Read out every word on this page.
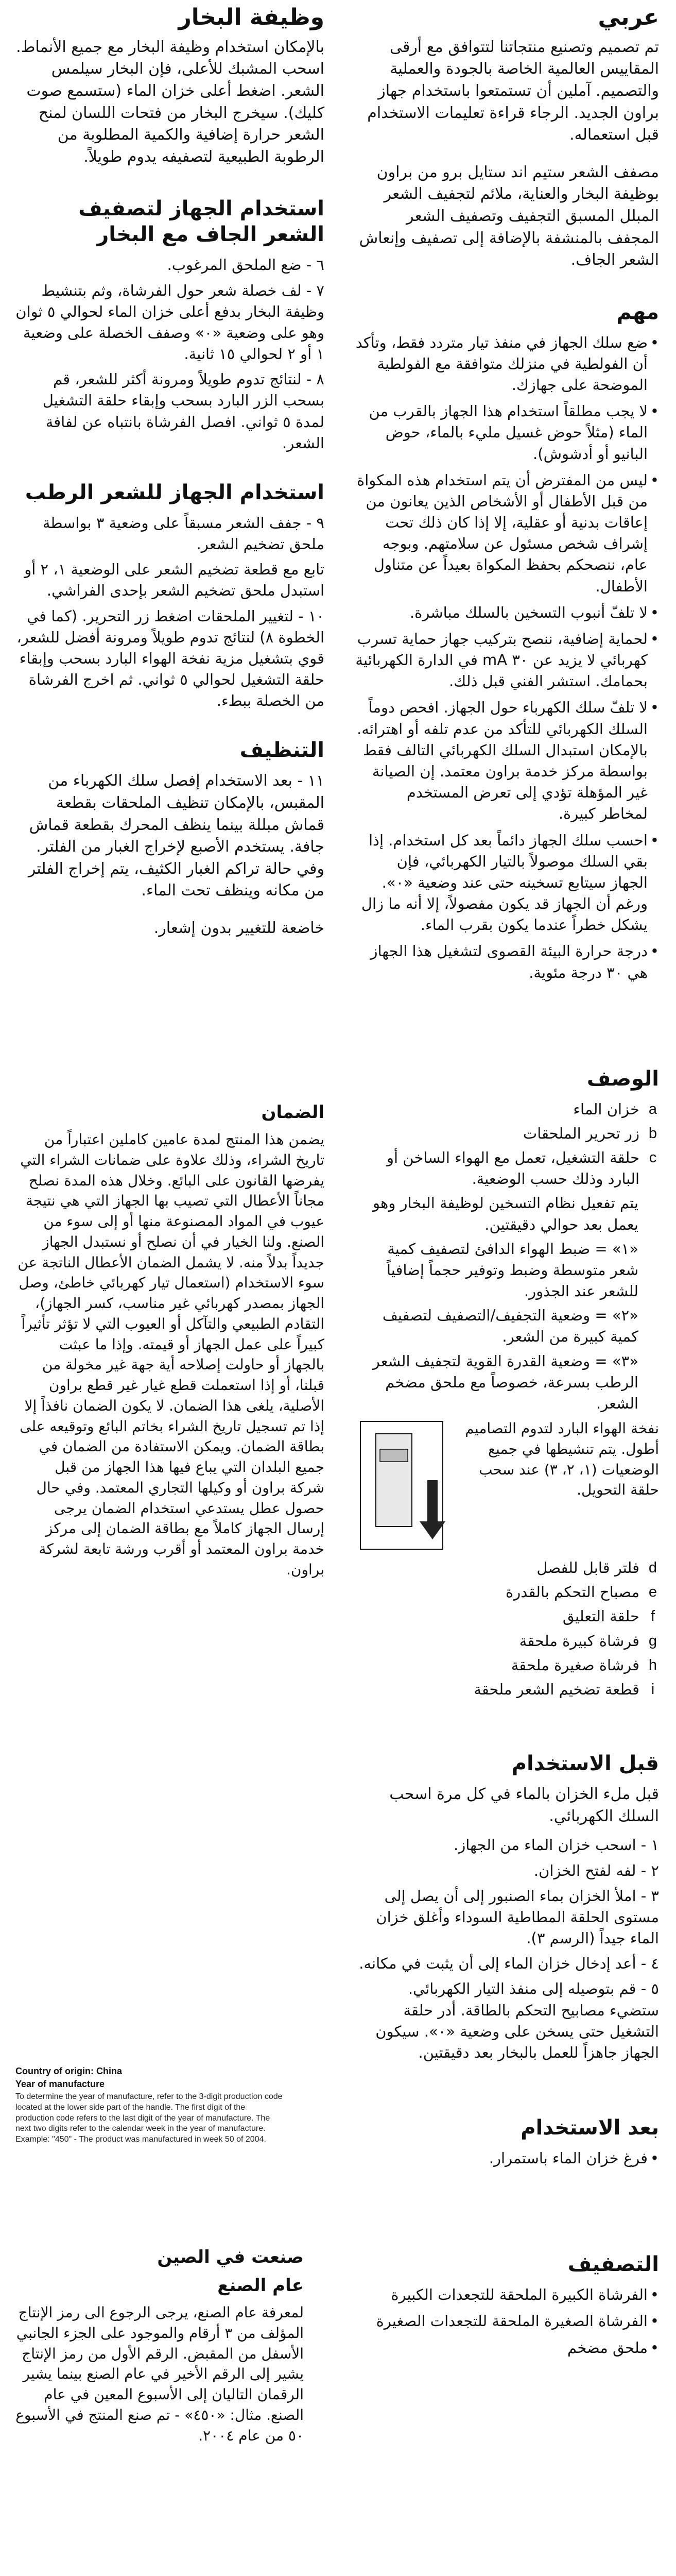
عربي

تم تصميم وتصنيع منتجاتنا لتتوافق مع أرقى المقاييس العالمية الخاصة بالجودة والعملية والتصميم. آملين أن تستمتعوا باستخدام جهاز براون الجديد. الرجاء قراءة تعليمات الاستخدام قبل استعماله.

مصفف الشعر ستيم اند ستايل برو من براون بوظيفة البخار والعناية، ملائم لتجفيف الشعر المبلل المسبق التجفيف وتصفيف الشعر المجفف بالمنشفة بالإضافة إلى تصفيف وإنعاش الشعر الجاف.

مهم
• ضع سلك الجهاز في منفذ تيار متردد فقط، وتأكد أن الفولطية في منزلك متوافقة مع الفولطية الموضحة على جهازك.
• لا يجب مطلقاً استخدام هذا الجهاز بالقرب من الماء (مثلاً حوض غسيل مليء بالماء، حوض البانيو أو أدشوش).
• ليس من المفترض أن يتم استخدام هذه المكواة من قبل الأطفال أو الأشخاص الذين يعانون من إعاقات بدنية أو عقلية، إلا إذا كان ذلك تحت إشراف شخص مسئول عن سلامتهم. وبوجه عام، ننصحكم بحفظ المكواة بعيداً عن متناول الأطفال.
• لا تلفّ أنبوب التسخين بالسلك مباشرة.
• لحماية إضافية، ننصح بتركيب جهاز حماية تسرب كهربائي لا يزيد عن ٣٠ mA في الدارة الكهربائية بحمامك. استشر الفني قبل ذلك.
• لا تلفّ سلك الكهرباء حول الجهاز. افحص دوماً السلك الكهربائي للتأكد من عدم تلفه أو اهترائه. بالإمكان استبدال السلك الكهربائي التالف فقط بواسطة مركز خدمة براون معتمد. إن الصيانة غير المؤهلة تؤدي إلى تعرض المستخدم لمخاطر كبيرة.
• احسب سلك الجهاز دائماً بعد كل استخدام. إذا بقي السلك موصولاً بالتيار الكهربائي، فإن الجهاز سيتابع تسخينه حتى عند وضعية «٠». ورغم أن الجهاز قد يكون مفصولاً، إلا أنه ما زال يشكل خطراً عندما يكون بقرب الماء.
• درجة حرارة البيئة القصوى لتشغيل هذا الجهاز هي ٣٠ درجة مئوية.
الوصف
a
خزان الماء
b
زر تحرير الملحقات
c
حلقة التشغيل، تعمل مع الهواء الساخن أو البارد وذلك حسب الوضعية.
يتم تفعيل نظام التسخين لوظيفة البخار وهو يعمل بعد حوالي دقيقتين.
«١» = ضبط الهواء الدافئ لتصفيف كمية شعر متوسطة وضبط وتوفير حجماً إضافياً للشعر عند الجذور.
«٢» = وضعية التجفيف/التصفيف لتصفيف كمية كبيرة من الشعر.
«٣» = وضعية القدرة القوية لتجفيف الشعر الرطب بسرعة، خصوصاً مع ملحق مضخم الشعر.
نفخة الهواء البارد لتدوم التصاميم أطول. يتم تنشيطها في جميع الوضعيات (١، ٢، ٣) عند سحب حلقة التحويل.
d
فلتر قابل للفصل
e
مصباح التحكم بالقدرة
f
حلقة التعليق
g
فرشاة كبيرة ملحقة
h
فرشاة صغيرة ملحقة
i
قطعة تضخيم الشعر ملحقة
قبل الاستخدام

قبل ملء الخزان بالماء في كل مرة اسحب السلك الكهربائي.

١ - اسحب خزان الماء من الجهاز.
٢ - لفه لفتح الخزان.
٣ - املأ الخزان بماء الصنبور إلى أن يصل إلى مستوى الحلقة المطاطية السوداء وأغلق خزان الماء جيداً (الرسم ٣).
٤ - أعد إدخال خزان الماء إلى أن يثبت في مكانه.
٥ - قم بتوصيله إلى منفذ التيار الكهربائي. ستضيء مصابيح التحكم بالطاقة. أدر حلقة التشغيل حتى يسخن على وضعية «٠». سيكون الجهاز جاهزاً للعمل بالبخار بعد دقيقتين.
بعد الاستخدام
• فرغ خزان الماء باستمرار.
التصفيف
• الفرشاة الكبيرة الملحقة للتجعدات الكبيرة
• الفرشاة الصغيرة الملحقة للتجعدات الصغيرة
• ملحق مضخم
وظيفة البخار

بالإمكان استخدام وظيفة البخار مع جميع الأنماط. اسحب المشبك للأعلى، فإن البخار سيلمس الشعر. اضغط أعلى خزان الماء (ستسمع صوت كليك). سيخرج البخار من فتحات اللسان لمنح الشعر حرارة إضافية والكمية المطلوبة من الرطوبة الطبيعية لتصفيفه يدوم طويلاً.

استخدام الجهاز لتصفيف الشعر الجاف مع البخار
٦ - ضع الملحق المرغوب.
٧ - لف خصلة شعر حول الفرشاة، وثم بتنشيط وظيفة البخار بدفع أعلى خزان الماء لحوالي ٥ ثوان وهو على وضعية «٠» وصفف الخصلة على وضعية ١ أو ٢ لحوالي ١٥ ثانية.
٨ - لنتائج تدوم طويلاً ومرونة أكثر للشعر، قم بسحب الزر البارد بسحب وإبقاء حلقة التشغيل لمدة ٥ ثواني. افصل الفرشاة بانتباه عن لفافة الشعر.
استخدام الجهاز للشعر الرطب
٩ - جفف الشعر مسبقاً على وضعية ٣ بواسطة ملحق تضخيم الشعر.
تابع مع قطعة تضخيم الشعر على الوضعية ١، ٢ أو استبدل ملحق تضخيم الشعر بإحدى الفراشي.
١٠ - لتغيير الملحقات اضغط زر التحرير. (كما في الخطوة ٨) لنتائج تدوم طويلاً ومرونة أفضل للشعر، قوي بتشغيل مزية نفخة الهواء البارد بسحب وإبقاء حلقة التشغيل لحوالي ٥ ثواني. ثم اخرج الفرشاة من الخصلة ببطء.
التنظيف

١١ - بعد الاستخدام إفصل سلك الكهرباء من المقبس، بالإمكان تنظيف الملحقات بقطعة قماش مبللة بينما ينظف المحرك بقطعة قماش جافة. يستخدم الأصبع لإخراج الغبار من الفلتر. وفي حالة تراكم الغبار الكثيف، يتم إخراج الفلتر من مكانه وينظف تحت الماء.

خاضعة للتغيير بدون إشعار.

الضمان

يضمن هذا المنتج لمدة عامين كاملين اعتباراً من تاريخ الشراء، وذلك علاوة على ضمانات الشراء التي يفرضها القانون على البائع. وخلال هذه المدة نصلح مجاناً الأعطال التي تصيب بها الجهاز التي هي نتيجة عيوب في المواد المصنوعة منها أو إلى سوء من الصنع. ولنا الخيار في أن نصلح أو نستبدل الجهاز جديداً بدلاً منه. لا يشمل الضمان الأعطال الناتجة عن سوء الاستخدام (استعمال تيار كهربائي خاطئ، وصل الجهاز بمصدر كهربائي غير مناسب، كسر الجهاز)، التقادم الطبيعي والتآكل أو العيوب التي لا تؤثر تأثيراً كبيراً على عمل الجهاز أو قيمته. وإذا ما عبثت بالجهاز أو حاولت إصلاحه أية جهة غير مخولة من قبلنا، أو إذا استعملت قطع غيار غير قطع براون الأصلية، يلغى هذا الضمان. لا يكون الضمان نافذاً إلا إذا تم تسجيل تاريخ الشراء بخاتم البائع وتوقيعه على بطاقة الضمان. ويمكن الاستفادة من الضمان في جميع البلدان التي يباع فيها هذا الجهاز من قبل شركة براون أو وكيلها التجاري المعتمد. وفي حال حصول عطل يستدعي استخدام الضمان يرجى إرسال الجهاز كاملاً مع بطاقة الضمان إلى مركز خدمة براون المعتمد أو أقرب ورشة تابعة لشركة براون.

Country of origin: China
Year of manufacture
To determine the year of manufacture, refer to the 3-digit production code located at the lower side part of the handle. The first digit of the production code refers to the last digit of the year of manufacture. The next two digits refer to the calendar week in the year of manufacture. Example: "450" - The product was manufactured in week 50 of 2004.
صنعت في الصين
عام الصنع

لمعرفة عام الصنع، يرجى الرجوع الى رمز الإنتاج المؤلف من ٣ أرقام والموجود على الجزء الجانبي الأسفل من المقبض. الرقم الأول من رمز الإنتاج يشير إلى الرقم الأخير في عام الصنع بينما يشير الرقمان التاليان إلى الأسبوع المعين في عام الصنع. مثال: «٤٥٠» - تم صنع المنتج في الأسبوع ٥٠ من عام ٢٠٠٤.
